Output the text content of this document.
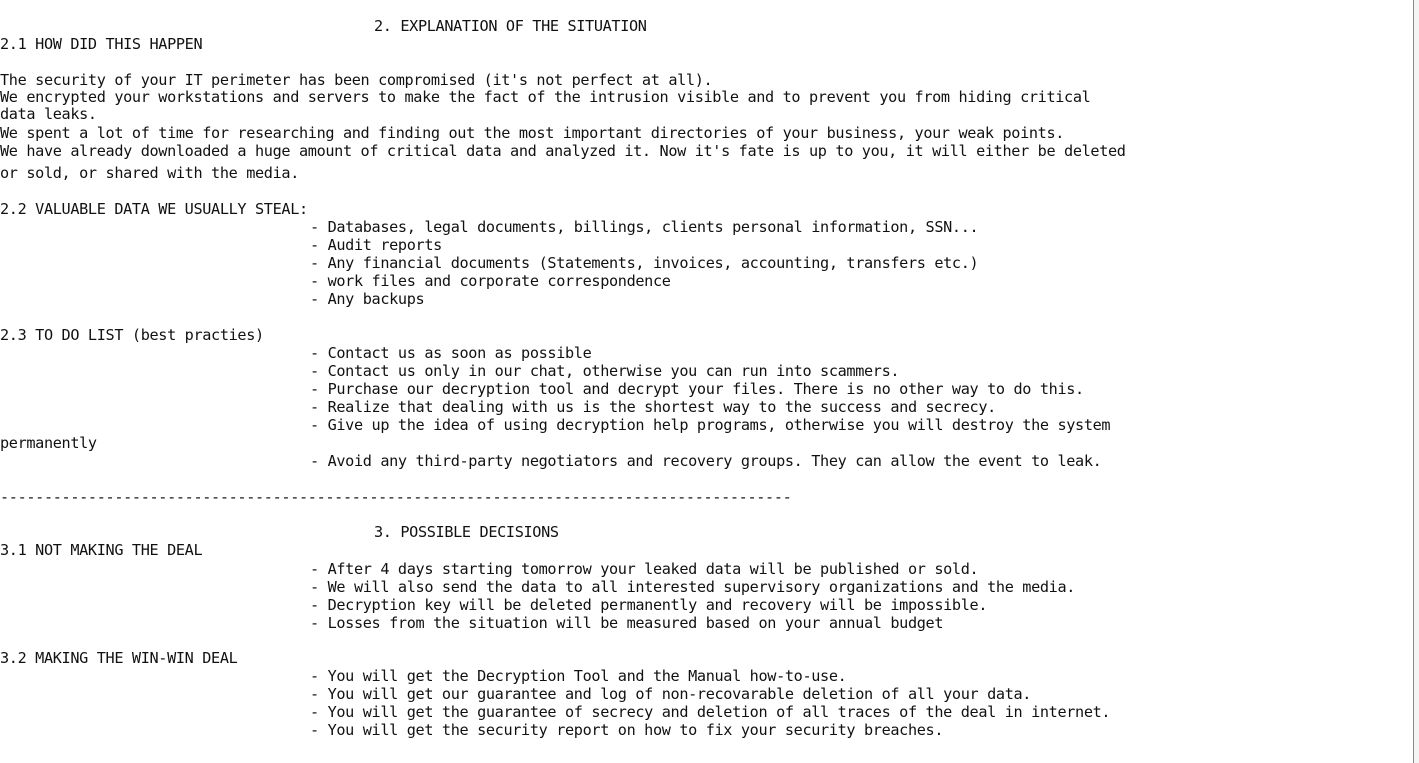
2. EXPLANATION OF THE SITUATION

2.1 HOW DID THIS HAPPEN

The security of your IT perimeter has been compromised (it's not perfect at all).

We encrypted your workstations and servers to make the fact of the intrusion visible and to prevent you from hiding critical

data leaks.

We spent a lot of time for researching and finding out the most important directories of your business, your weak points.

We have already downloaded a huge amount of critical data and analyzed it. Now it's fate is up to you, it will either be deleted

or sold, or shared with the media.

2.2 VALUABLE DATA WE USUALLY STEAL:

- Databases, legal documents, billings, clients personal information, SSN...

- Audit reports

- Any financial documents (Statements, invoices, accounting, transfers etc.)

- work files and corporate correspondence

- Any backups

2.3 TO DO LIST (best practies)

- Contact us as soon as possible

- Contact us only in our chat, otherwise you can run into scammers.

- Purchase our decryption tool and decrypt your files. There is no other way to do this.

- Realize that dealing with us is the shortest way to the success and secrecy.

- Give up the idea of using decryption help programs, otherwise you will destroy the system

permanently

- Avoid any third-party negotiators and recovery groups. They can allow the event to leak.

------------------------------------------------------------------------------------------

3. POSSIBLE DECISIONS

3.1 NOT MAKING THE DEAL

- After 4 days starting tomorrow your leaked data will be published or sold.

- We will also send the data to all interested supervisory organizations and the media.

- Decryption key will be deleted permanently and recovery will be impossible.

- Losses from the situation will be measured based on your annual budget

3.2 MAKING THE WIN-WIN DEAL

- You will get the Decryption Tool and the Manual how-to-use.

- You will get our guarantee and log of non-recovarable deletion of all your data.

- You will get the guarantee of secrecy and deletion of all traces of the deal in internet.

- You will get the security report on how to fix your security breaches.
